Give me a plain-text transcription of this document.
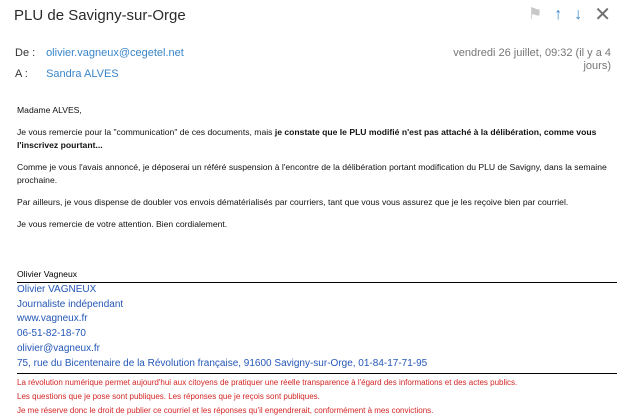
PLU de Savigny-sur-Orge	⚑ ↑ ↓ ✕
De : olivier.vagneux@cegetel.net
A : Sandra ALVES
vendredi 26 juillet, 09:32 (il y a 4 jours)

Madame ALVES,

Je vous remercie pour la "communication" de ces documents, mais je constate que le PLU modifié n'est pas attaché à la délibération, comme vous l'inscrivez pourtant...

Comme je vous l'avais annoncé, je déposerai un référé suspension à l'encontre de la délibération portant modification du PLU de Savigny, dans la semaine prochaine.

Par ailleurs, je vous dispense de doubler vos envois dématérialisés par courriers, tant que vous vous assurez que je les reçoive bien par courriel.

Je vous remercie de votre attention. Bien cordialement.

Olivier Vagneux
Olivier VAGNEUX
Journaliste indépendant
www.vagneux.fr
06-51-82-18-70
olivier@vagneux.fr
75, rue du Bicentenaire de la Révolution française, 91600 Savigny-sur-Orge, 01-84-17-71-95
La révolution numérique permet aujourd'hui aux citoyens de pratiquer une réelle transparence à l'égard des informations et des actes publics.
Les questions que je pose sont publiques. Les réponses que je reçois sont publiques.
Je me réserve donc le droit de publier ce courriel et les réponses qu'il engendrerait, conformément à mes convictions.
